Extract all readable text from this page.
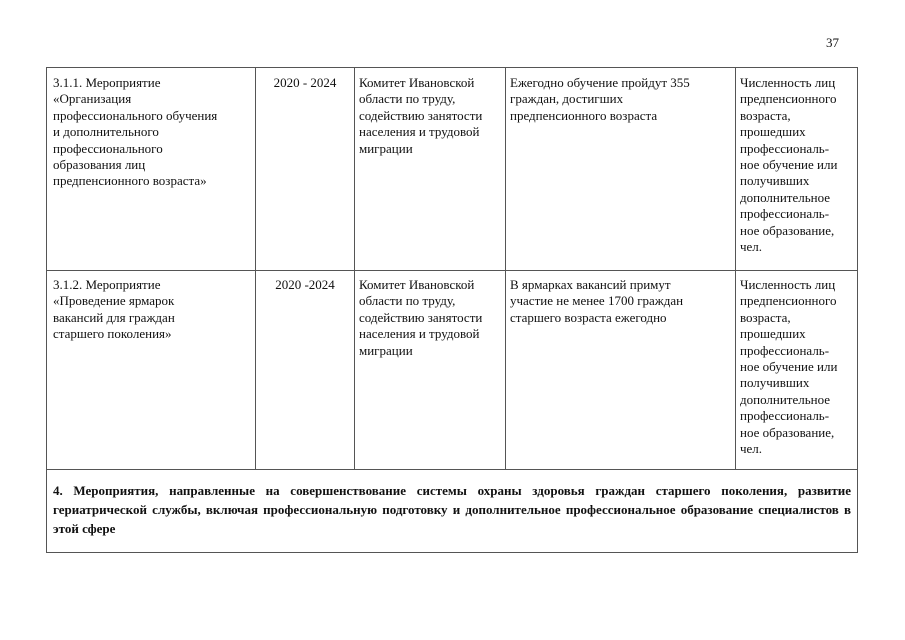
37
3.1.1. Мероприятие
«Организация
профессионального обучения
и дополнительного
профессионального
образования лиц
предпенсионного возраста»
2020 - 2024	Комитет Ивановской
области по труду,
содействию занятости
населения и трудовой
миграции
Ежегодно обучение пройдут 355
граждан, достигших
предпенсионного возраста
Численность лиц
предпенсионного
возраста,
прошедших
профессиональ-
ное обучение или
получивших
дополнительное
профессиональ-
ное образование,
чел.
3.1.2. Мероприятие
«Проведение ярмарок
вакансий для граждан
старшего поколения»
2020 -2024	Комитет Ивановской
области по труду,
содействию занятости
населения и трудовой
миграции
В ярмарках вакансий примут
участие не менее 1700 граждан
старшего возраста ежегодно
Численность лиц
предпенсионного
возраста,
прошедших
профессиональ-
ное обучение или
получивших
дополнительное
профессиональ-
ное образование,
чел.
4. Мероприятия, направленные на совершенствование системы охраны здоровья граждан старшего поколения, развитие гериатрической службы, включая профессиональную подготовку и дополнительное профессиональное образование специалистов в этой сфере
